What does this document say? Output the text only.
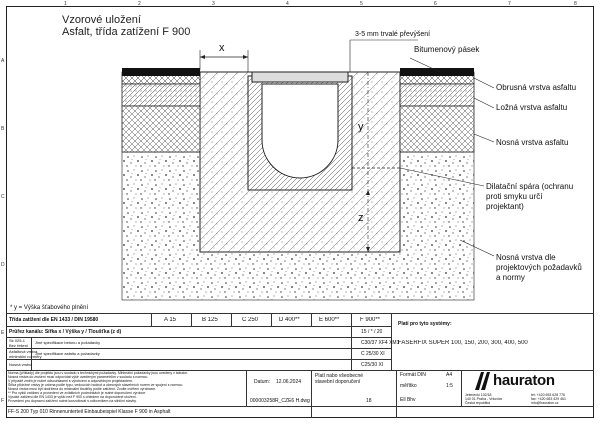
1	2	3	4	5	6	7	8
A
B
C
D
E
F
Vzorové uložení
Asfalt, třída zatížení F 900
x
y
z
3-5 mm trvalé převýšení
Bitumenový pásek
Obrusná vrstva asfaltu
Ložná vrstva asfaltu
Nosná vrstva asfaltu
Dilatační spára (ochranu
proti smyku určí
projektant)
Nosná vrstva dle
projektových požadavků
a normy
* y = Výška šťabového plnění
Třída zatížení dle EN 1433 / DIN 19580	A 15	B 125	C 250	D 400**	E 600**	F 900**
Průřez kanálu: Šířka x / Výška y / Tloušťka (z d)	15 / * / 20
Sk 025-1
Bez řešení
Jiné specifikace betonu a požadavky	C30/37 XF4 XM1
Asfaltová vrstva
minimální rozměry
Jiné specifikace asfaltu a požadavky	C 25/30 XI
Nosná vrstva	C25/30 XI
Platí pro tyto systémy:
FASERFIX SUPER 100, 150, 200, 300, 400, 500
Norma (příklady) dle projektu jsou v souladu s technickými požadavky. Minimální požadavky jsou uvedeny v tabulce.
Nosná vrstva do zrušení musí odpovídat výše uvedeným parametrům v souladu s normou.
V případě změn je nutné odsouhlasení s výrobcem a odpovědným projektantem.
Šířka přídržné vrstvy je určena podle typu, vedoucích hodnot a obecných stavebních norem ve spojení s normou.
Nosná vrstva musí být dodržena do minimální tloušťky podle zatížení. Zvolte ověření výrobcem.
** Pro vyšší zatížení a provedení ve zvláštních podmínkách je nutné doporučení výrobce.
Vysoké zatížení dle EN 1433 je vyšší než F 900 s ohledem na doporučené uložení.
Provedení pro dopravní zatížení nutné konzultovat s odborníkem na silniční stavby.
Datum: 12.06.2024
Platí nabo všeobecné
stavební doporučení
000003258R_CZE6 H.dwg	18
Formát DIN	A4
měřítko	1:5
Ell Bhv
FF-S 200 Typ 010 Rinnenunterteil Einbaubeispiel Klasse F 900 in Asphalt
Jeleneckí 102/18
140 01 Praha - Vršovice
Česká republika
tel: +420 653 628 776
fax: +420 653 429 461
info@hauraton.cz
hauraton
